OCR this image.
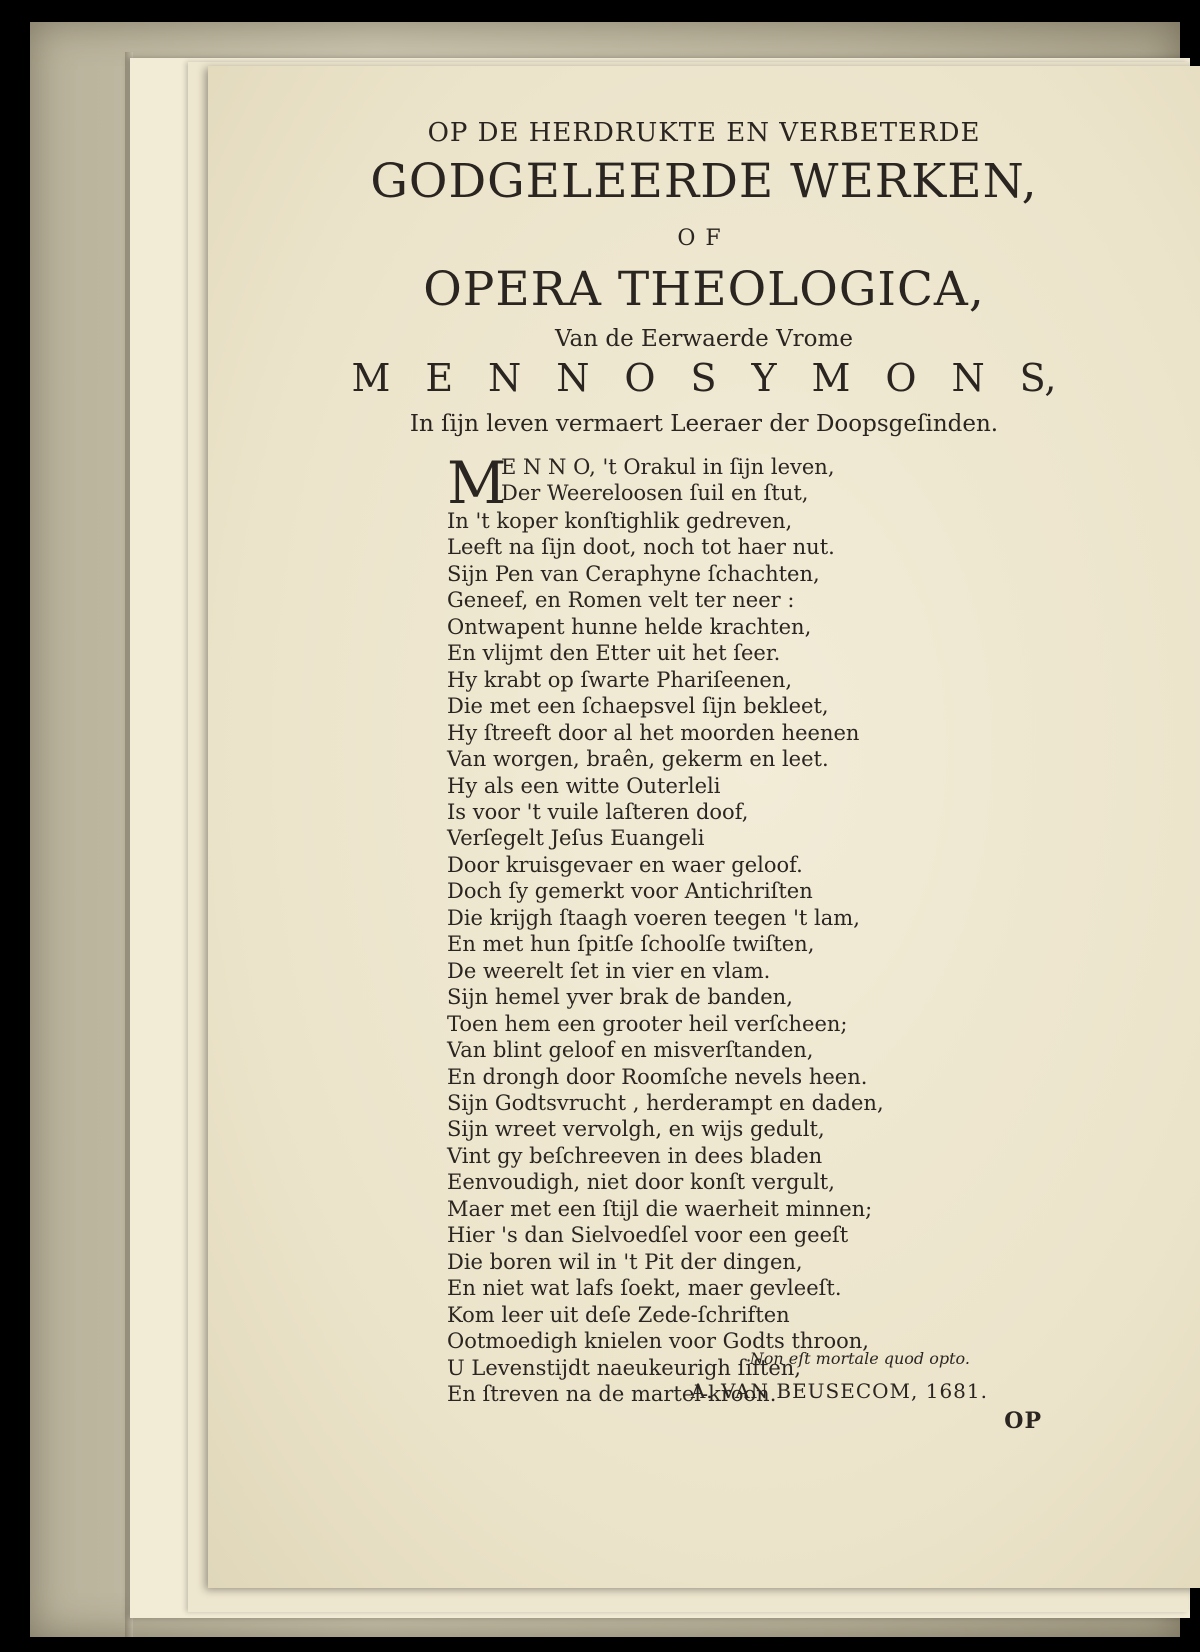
OP DE HERDRUKTE EN VERBETERDE
GODGELEERDE WERKEN,
OF
OPERA THEOLOGICA,
Van de Eerwaerde Vrome
M E N N O S Y M O N S,
In ſijn leven vermaert Leeraer der Doopsgeſinden.
M
E N N O, 't Orakul in ſijn leven,
Der Weereloosen ſuil en ſtut,
In 't koper konſtighlik gedreven,
Leeft na ſijn doot, noch tot haer nut.
Sijn Pen van Ceraphyne ſchachten,
Geneef, en Romen velt ter neer :
Ontwapent hunne helde krachten,
En vlijmt den Etter uit het ſeer.
Hy krabt op ſwarte Phariſeenen,
Die met een ſchaepsvel ſijn bekleet,
Hy ſtreeft door al het moorden heenen
Van worgen, braên, gekerm en leet.
Hy als een witte Outerleli
Is voor 't vuile laſteren doof,
Verſegelt Jeſus Euangeli
Door kruisgevaer en waer geloof.
Doch ſy gemerkt voor Antichriſten
Die krijgh ſtaagh voeren teegen 't lam,
En met hun ſpitſe ſchoolſe twiſten,
De weerelt ſet in vier en vlam.
Sijn hemel yver brak de banden,
Toen hem een grooter heil verſcheen;
Van blint geloof en misverſtanden,
En drongh door Roomſche nevels heen.
Sijn Godtsvrucht , herderampt en daden,
Sijn wreet vervolgh, en wijs gedult,
Vint gy beſchreeven in dees bladen
Eenvoudigh, niet door konſt vergult,
Maer met een ſtijl die waerheit minnen;
Hier 's dan Sielvoedſel voor een geeſt
Die boren wil in 't Pit der dingen,
En niet wat lafs ſoekt, maer gevleeſt.
Kom leer uit deſe Zede-ſchriften
Ootmoedigh knielen voor Godts throon,
U Levenstijdt naeukeurigh ſiften,
En ſtreven na de martel-kroon.
Non eſt mortale quod opto.
A. VAN BEUSECOM, 1681.
OP
